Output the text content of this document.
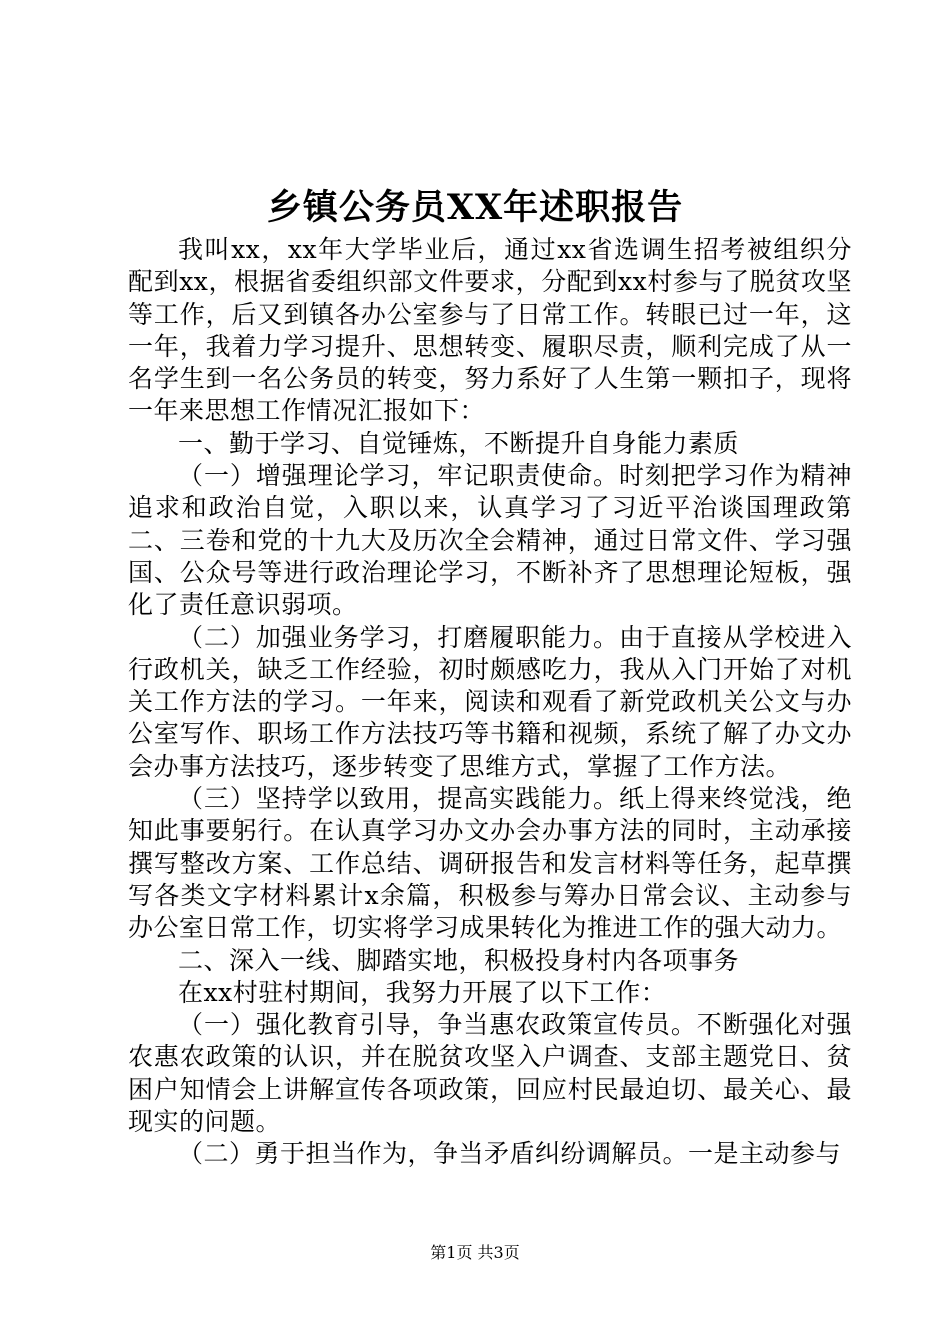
乡镇公务员XX年述职报告

我叫xx，xx年大学毕业后，通过xx省选调生招考被组织分配到xx，根据省委组织部文件要求，分配到xx村参与了脱贫攻坚等工作，后又到镇各办公室参与了日常工作。转眼已过一年，这一年，我着力学习提升、思想转变、履职尽责，顺利完成了从一名学生到一名公务员的转变，努力系好了人生第一颗扣子，现将一年来思想工作情况汇报如下：

一、勤于学习、自觉锤炼，不断提升自身能力素质

（一）增强理论学习，牢记职责使命。时刻把学习作为精神追求和政治自觉，入职以来，认真学习了习近平治谈国理政第二、三卷和党的十九大及历次全会精神，通过日常文件、学习强国、公众号等进行政治理论学习，不断补齐了思想理论短板，强化了责任意识弱项。

（二）加强业务学习，打磨履职能力。由于直接从学校进入行政机关，缺乏工作经验，初时颇感吃力，我从入门开始了对机关工作方法的学习。一年来，阅读和观看了新党政机关公文与办公室写作、职场工作方法技巧等书籍和视频，系统了解了办文办会办事方法技巧，逐步转变了思维方式，掌握了工作方法。

（三）坚持学以致用，提高实践能力。纸上得来终觉浅，绝知此事要躬行。在认真学习办文办会办事方法的同时，主动承接撰写整改方案、工作总结、调研报告和发言材料等任务，起草撰写各类文字材料累计x余篇，积极参与筹办日常会议、主动参与办公室日常工作，切实将学习成果转化为推进工作的强大动力。

二、深入一线、脚踏实地，积极投身村内各项事务

在xx村驻村期间，我努力开展了以下工作：

（一）强化教育引导，争当惠农政策宣传员。不断强化对强农惠农政策的认识，并在脱贫攻坚入户调查、支部主题党日、贫困户知情会上讲解宣传各项政策，回应村民最迫切、最关心、最现实的问题。

（二）勇于担当作为，争当矛盾纠纷调解员。一是主动参与

第1页 共3页
